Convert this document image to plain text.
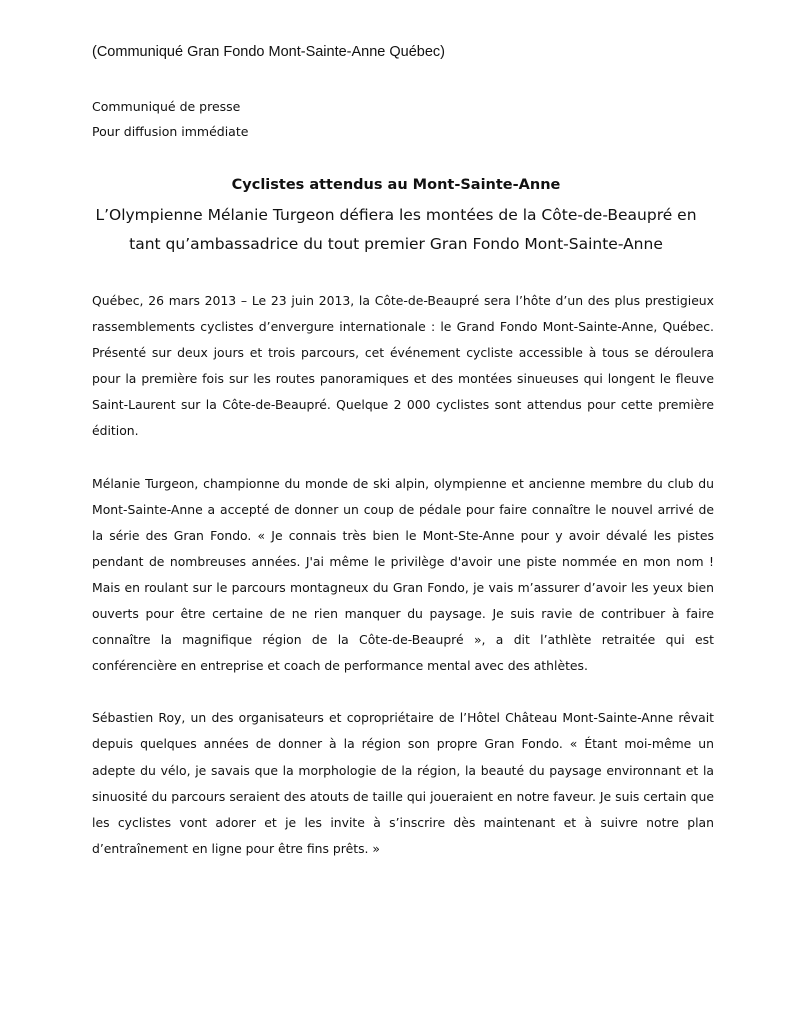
(Communiqué Gran Fondo Mont-Sainte-Anne Québec)
Communiqué de presse
Pour diffusion immédiate
Cyclistes attendus au Mont-Sainte-Anne
L’Olympienne Mélanie Turgeon défiera les montées de la Côte-de-Beaupré en tant qu’ambassadrice du tout premier Gran Fondo Mont-Sainte-Anne

Québec, 26 mars 2013 – Le 23 juin 2013, la Côte-de-Beaupré sera l’hôte d’un des plus prestigieux rassemblements cyclistes d’envergure internationale : le Grand Fondo Mont-Sainte-Anne, Québec. Présenté sur deux jours et trois parcours, cet événement cycliste accessible à tous se déroulera pour la première fois sur les routes panoramiques et des montées sinueuses qui longent le fleuve Saint-Laurent sur la Côte-de-Beaupré. Quelque 2 000 cyclistes sont attendus pour cette première édition.

Mélanie Turgeon, championne du monde de ski alpin, olympienne et ancienne membre du club du Mont-Sainte-Anne a accepté de donner un coup de pédale pour faire connaître le nouvel arrivé de la série des Gran Fondo. « Je connais très bien le Mont-Ste-Anne pour y avoir dévalé les pistes pendant de nombreuses années. J'ai même le privilège d'avoir une piste nommée en mon nom ! Mais en roulant sur le parcours montagneux du Gran Fondo, je vais m’assurer d’avoir les yeux bien ouverts pour être certaine de ne rien manquer du paysage. Je suis ravie de contribuer à faire connaître la magnifique région de la Côte-de-Beaupré », a dit l’athlète retraitée qui est conférencière en entreprise et coach de performance mental avec des athlètes.

Sébastien Roy, un des organisateurs et copropriétaire de l’Hôtel Château Mont-Sainte-Anne rêvait depuis quelques années de donner à la région son propre Gran Fondo. « Étant moi-même un adepte du vélo, je savais que la morphologie de la région, la beauté du paysage environnant et la sinuosité du parcours seraient des atouts de taille qui joueraient en notre faveur. Je suis certain que les cyclistes vont adorer et je les invite à s’inscrire dès maintenant et à suivre notre plan d’entraînement en ligne pour être fins prêts. »
